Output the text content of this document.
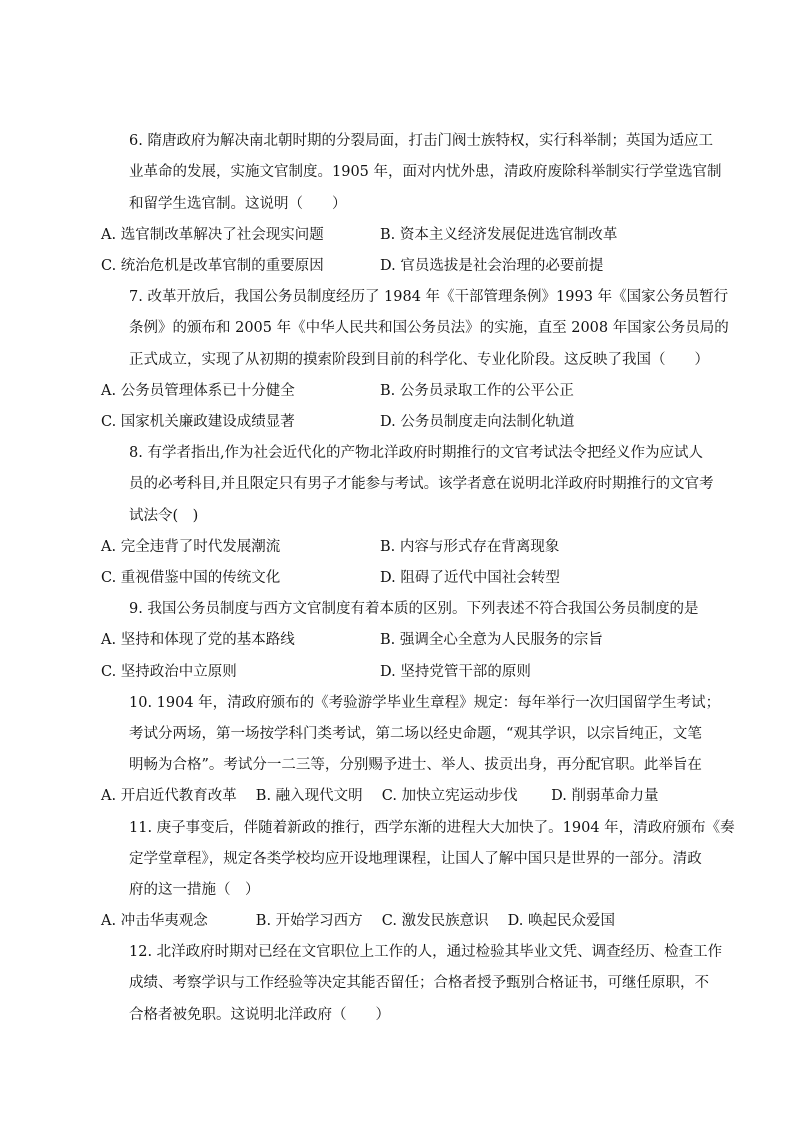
6. 隋唐政府为解决南北朝时期的分裂局面，打击门阀士族特权，实行科举制；英国为适应工
业革命的发展，实施文官制度。1905 年，面对内忧外患，清政府废除科举制实行学堂选官制
和留学生选官制。这说明（　　）
A. 选官制改革解决了社会现实问题	B. 资本主义经济发展促进选官制改革
C. 统治危机是改革官制的重要原因	D. 官员选拔是社会治理的必要前提
7. 改革开放后，我国公务员制度经历了 1984 年《干部管理条例》1993 年《国家公务员暂行
条例》的颁布和 2005 年《中华人民共和国公务员法》的实施，直至 2008 年国家公务员局的
正式成立，实现了从初期的摸索阶段到目前的科学化、专业化阶段。这反映了我国（　　）
A. 公务员管理体系已十分健全	B. 公务员录取工作的公平公正
C. 国家机关廉政建设成绩显著	D. 公务员制度走向法制化轨道
8. 有学者指出,作为社会近代化的产物北洋政府时期推行的文官考试法令把经义作为应试人
员的必考科目,并且限定只有男子才能参与考试。该学者意在说明北洋政府时期推行的文官考
试法令(　)
A. 完全违背了时代发展潮流	B. 内容与形式存在背离现象
C. 重视借鉴中国的传统文化	D. 阻碍了近代中国社会转型
9. 我国公务员制度与西方文官制度有着本质的区别。下列表述不符合我国公务员制度的是
A. 坚持和体现了党的基本路线	B. 强调全心全意为人民服务的宗旨
C. 坚持政治中立原则	D. 坚持党管干部的原则
10. 1904 年，清政府颁布的《考验游学毕业生章程》规定：每年举行一次归国留学生考试；
考试分两场，第一场按学科门类考试，第二场以经史命题，“观其学识，以宗旨纯正，文笔
明畅为合格”。考试分一二三等，分别赐予进士、举人、拔贡出身，再分配官职。此举旨在
A. 开启近代教育改革　 B. 融入现代文明　 C. 加快立宪运动步伐　　 D. 削弱革命力量
11. 庚子事变后，伴随着新政的推行，西学东渐的进程大大加快了。1904 年，清政府颁布《奏
定学堂章程》，规定各类学校均应开设地理课程，让国人了解中国只是世界的一部分。清政
府的这一措施（　）
A. 冲击华夷观念　　　 B. 开始学习西方　 C. 激发民族意识　 D. 唤起民众爱国
12. 北洋政府时期对已经在文官职位上工作的人，通过检验其毕业文凭、调查经历、检查工作
成绩、考察学识与工作经验等决定其能否留任；合格者授予甄别合格证书，可继任原职，不
合格者被免职。这说明北洋政府（　　）
